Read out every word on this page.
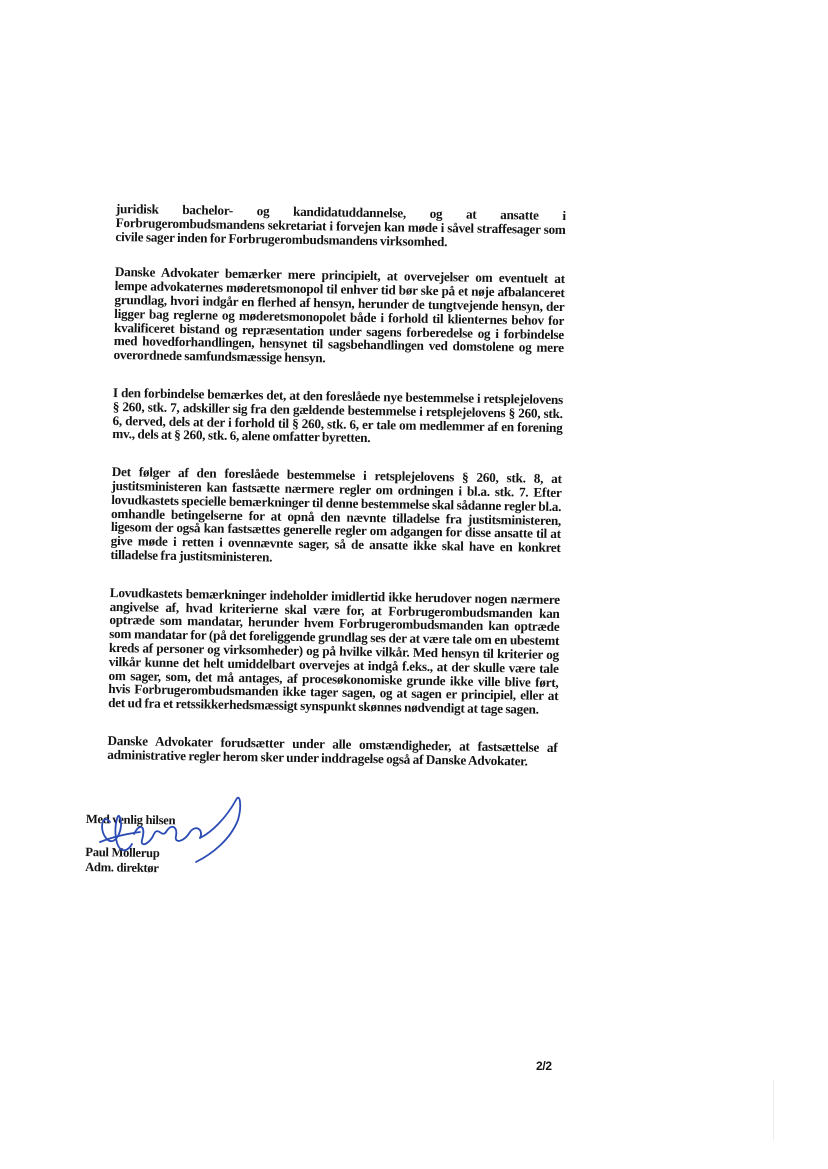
juridisk bachelor- og kandidatuddannelse, og at ansatte i Forbrugerombudsmandens sekretariat i forvejen kan møde i såvel straffesager som civile sager inden for Forbrugerombudsmandens virksomhed.

Danske Advokater bemærker mere principielt, at overvejelser om eventuelt at lempe advokaternes møderetsmonopol til enhver tid bør ske på et nøje afbalanceret grundlag, hvori indgår en flerhed af hensyn, herunder de tungtvejende hensyn, der ligger bag reglerne og møderetsmonopolet både i forhold til klienternes behov for kvalificeret bistand og repræsentation under sagens forberedelse og i forbindelse med hovedforhandlingen, hensynet til sagsbehandlingen ved domstolene og mere overordnede samfundsmæssige hensyn.

I den forbindelse bemærkes det, at den foreslåede nye bestemmelse i retsplejelovens § 260, stk. 7, adskiller sig fra den gældende bestemmelse i retsplejelovens § 260, stk. 6, derved, dels at der i forhold til § 260, stk. 6, er tale om medlemmer af en forening mv., dels at § 260, stk. 6, alene omfatter byretten.

Det følger af den foreslåede bestemmelse i retsplejelovens § 260, stk. 8, at justitsministeren kan fastsætte nærmere regler om ordningen i bl.a. stk. 7. Efter lovudkastets specielle bemærkninger til denne bestemmelse skal sådanne regler bl.a. omhandle betingelserne for at opnå den nævnte tilladelse fra justitsministeren, ligesom der også kan fastsættes generelle regler om adgangen for disse ansatte til at give møde i retten i ovennævnte sager, så de ansatte ikke skal have en konkret tilladelse fra justitsministeren.

Lovudkastets bemærkninger indeholder imidlertid ikke herudover nogen nærmere angivelse af, hvad kriterierne skal være for, at Forbrugerombudsmanden kan optræde som mandatar, herunder hvem Forbrugerombudsmanden kan optræde som mandatar for (på det foreliggende grundlag ses der at være tale om en ubestemt kreds af personer og virksomheder) og på hvilke vilkår. Med hensyn til kriterier og vilkår kunne det helt umiddelbart overvejes at indgå f.eks., at der skulle være tale om sager, som, det må antages, af procesøkonomiske grunde ikke ville blive ført, hvis Forbrugerombudsmanden ikke tager sagen, og at sagen er principiel, eller at det ud fra et retssikkerhedsmæssigt synspunkt skønnes nødvendigt at tage sagen.

Danske Advokater forudsætter under alle omstændigheder, at fastsættelse af administrative regler herom sker under inddragelse også af Danske Advokater.

Med venlig hilsen
Paul Mollerup
Adm. direktør
2/2
